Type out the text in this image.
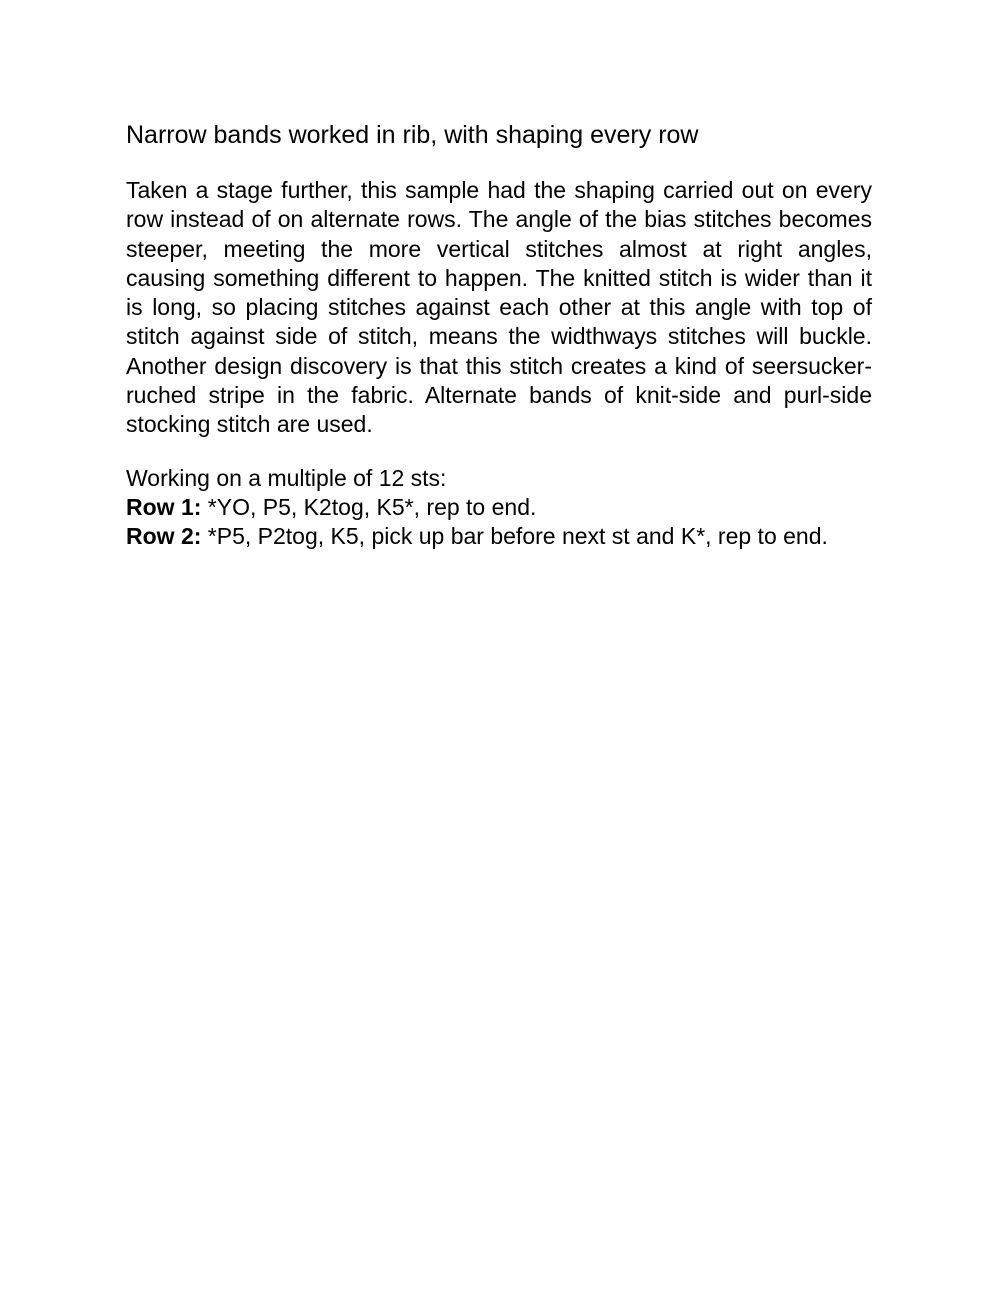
Narrow bands worked in rib, with shaping every row

Taken a stage further, this sample had the shaping carried out on every row instead of on alternate rows. The angle of the bias stitches becomes steeper, meeting the more vertical stitches almost at right angles, causing something different to happen. The knitted stitch is wider than it is long, so placing stitches against each other at this angle with top of stitch against side of stitch, means the widthways stitches will buckle. Another design discovery is that this stitch creates a kind of seersucker-ruched stripe in the fabric. Alternate bands of knit-side and purl-side stocking stitch are used.

Working on a multiple of 12 sts:

Row 1: *YO, P5, K2tog, K5*, rep to end.

Row 2: *P5, P2tog, K5, pick up bar before next st and K*, rep to end.
